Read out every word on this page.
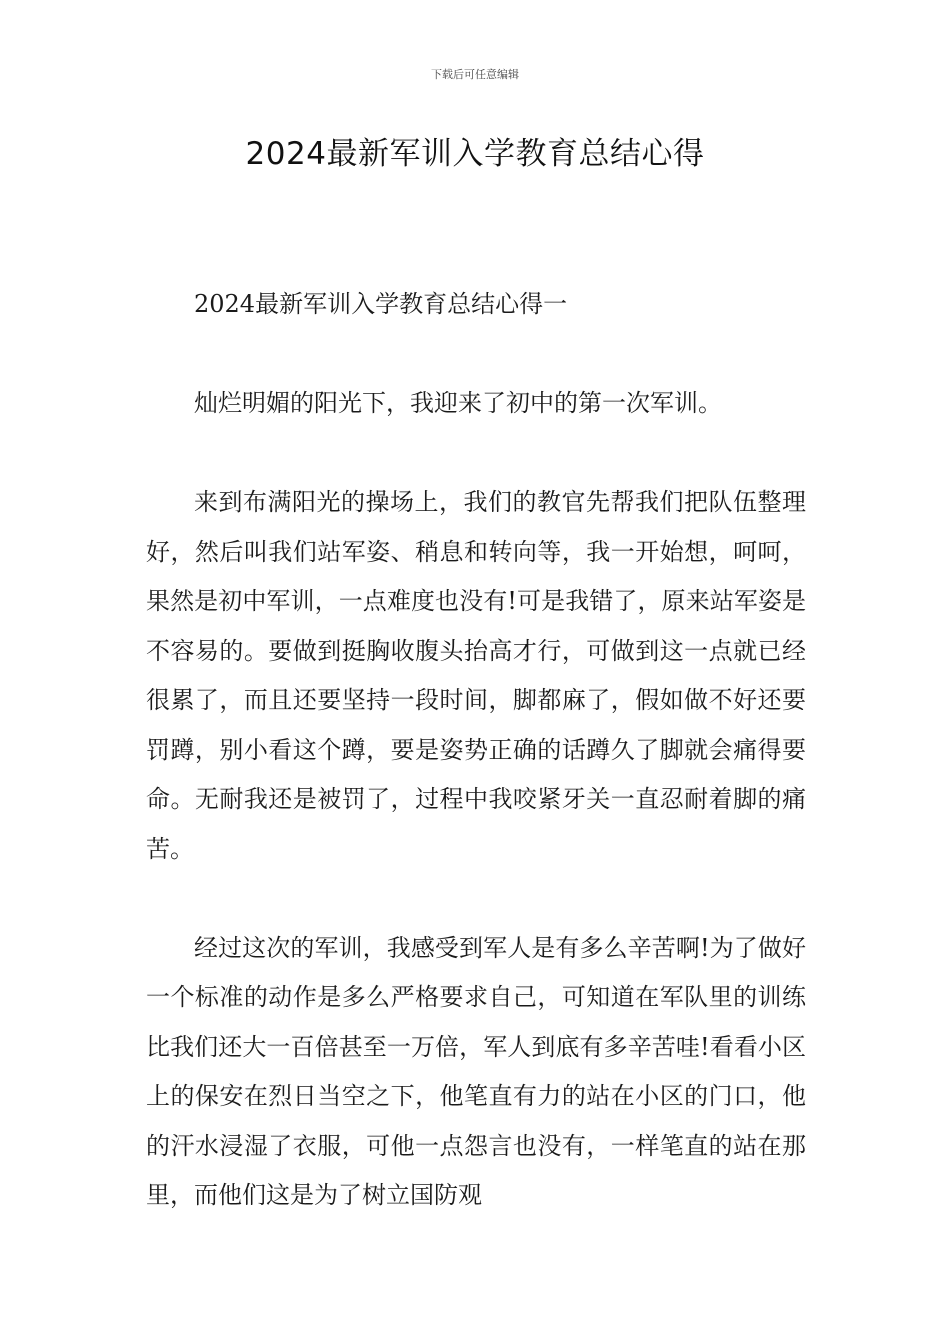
下载后可任意编辑
2024最新军训入学教育总结心得

2024最新军训入学教育总结心得一

灿烂明媚的阳光下，我迎来了初中的第一次军训。

来到布满阳光的操场上，我们的教官先帮我们把队伍整理好，然后叫我们站军姿、稍息和转向等，我一开始想，呵呵，果然是初中军训，一点难度也没有!可是我错了，原来站军姿是不容易的。要做到挺胸收腹头抬高才行，可做到这一点就已经很累了，而且还要坚持一段时间，脚都麻了，假如做不好还要罚蹲，别小看这个蹲，要是姿势正确的话蹲久了脚就会痛得要命。无耐我还是被罚了，过程中我咬紧牙关一直忍耐着脚的痛苦。

经过这次的军训，我感受到军人是有多么辛苦啊!为了做好一个标准的动作是多么严格要求自己，可知道在军队里的训练比我们还大一百倍甚至一万倍，军人到底有多辛苦哇!看看小区上的保安在烈日当空之下，他笔直有力的站在小区的门口，他的汗水浸湿了衣服，可他一点怨言也没有，一样笔直的站在那里，而他们这是为了树立国防观
